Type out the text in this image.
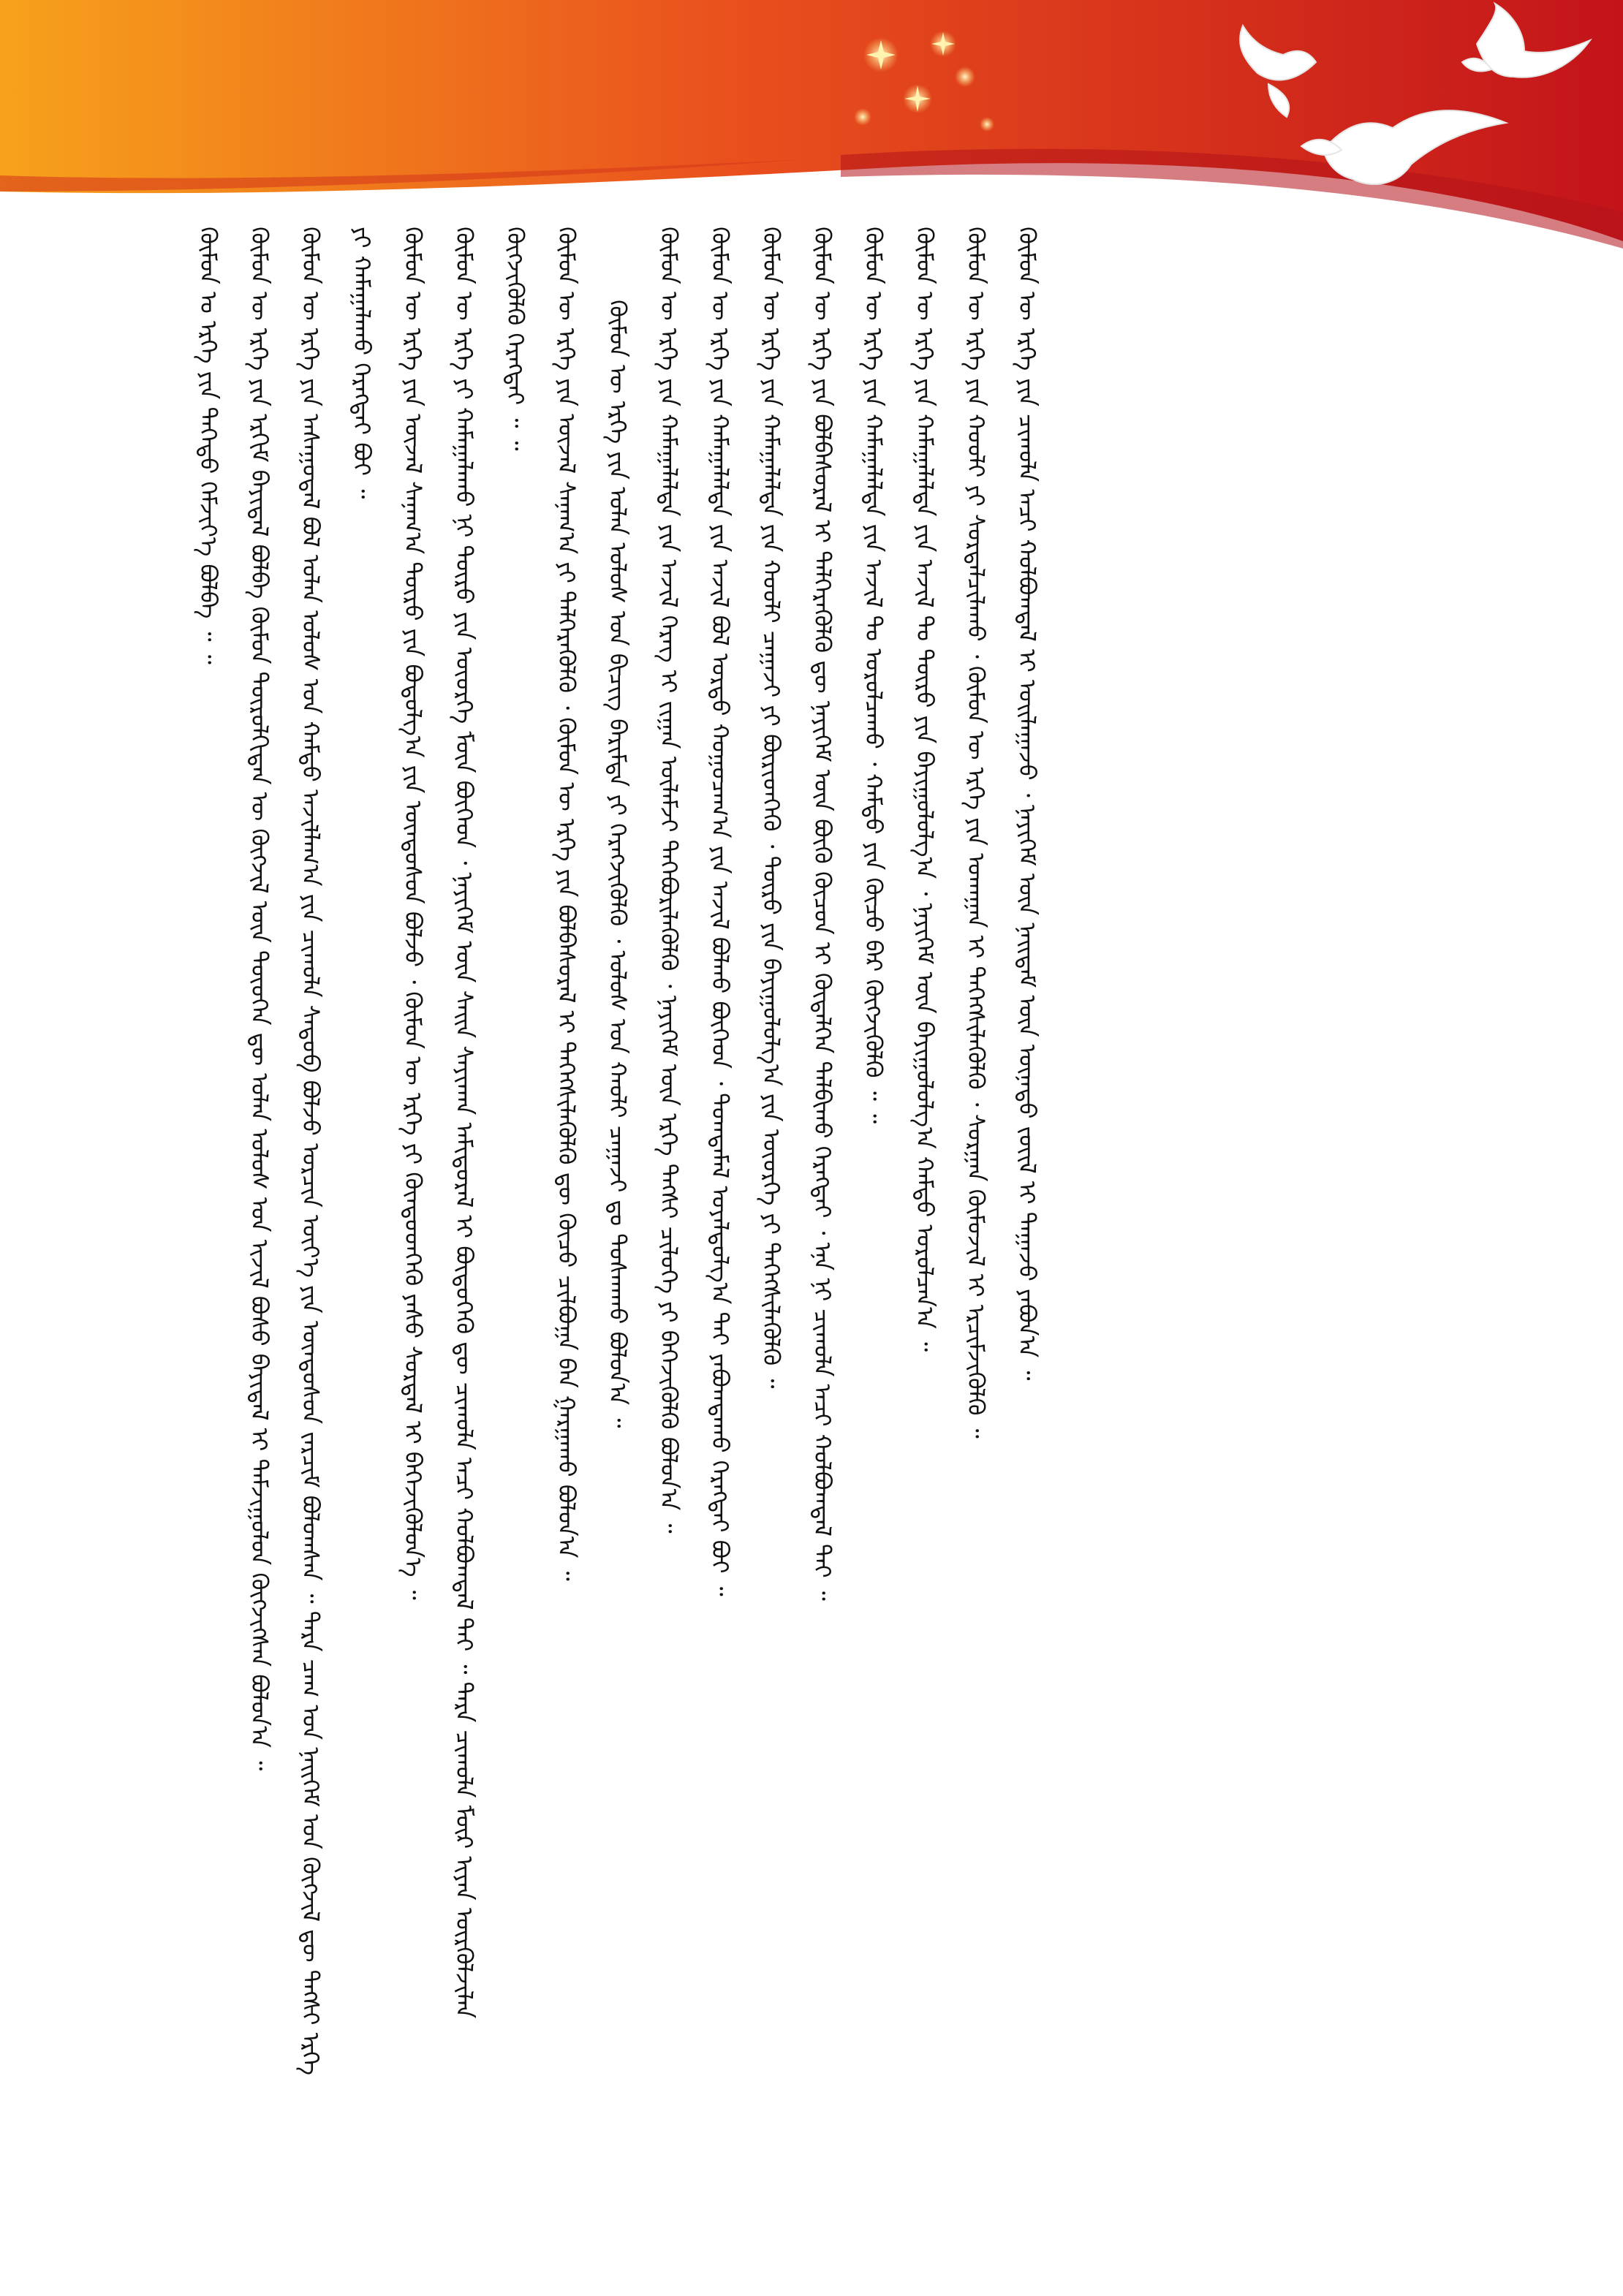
ᠬᠦᠮᠦᠨ ᠤ ᠡᠷᠬᠡ ᠶᠢᠨ ᠳᠡᠭᠡᠳᠦ ᠬᠡᠮᠵᠢᠶ᠎ᠡ ᠪᠣᠯᠪᠠ ᠃ ᠃	ᠬᠦᠮᠦᠨ ᠦ ᠡᠷᠬᠡ ᠶᠢᠨ ᠡᠷᠬᠢᠮ ᠪᠠᠶᠢᠳᠠᠯ ᠪᠣᠯᠪᠠ ᠬᠦᠮᠦᠨ ᠲᠦᠷᠦᠯᠬᠢᠲᠡᠨ ᠦ ᠬᠥᠭᠵᠢᠯ ᠦᠨ ᠲᠦᠦᠬᠡᠨ ᠳᠦ ᠣᠯᠠᠨ ᠤᠯᠤᠰ ᠤᠨ ᠢᠵᠢᠯ ᠪᠤᠰᠤ ᠪᠠᠶᠢᠳᠠᠯ ᠢ ᠳᠠᠮᠵᠢᠭᠤᠯᠤᠨ ᠬᠥᠭᠵᠢᠭᠰᠡᠨ ᠪᠣᠯᠤᠨ᠎ᠠ ᠃	ᠬᠦᠮᠦᠨ ᠦ ᠡᠷᠬᠡ ᠶᠢᠨ ᠠᠰᠠᠭᠤᠳᠠᠯ ᠪᠣᠯ ᠣᠯᠠᠨ ᠤᠯᠤᠰ ᠤᠨ ᠬᠠᠮᠲᠤ ᠠᠵᠢᠯᠯᠠᠭ᠎ᠠ ᠶᠢᠨ ᠴᠢᠬᠤᠯᠠ ᠰᠡᠳᠦᠪ ᠪᠣᠯᠵᠤ ᠣᠷᠴᠢᠨ ᠦᠶ᠎ᠡ ᠶᠢᠨ ᠦᠨᠳᠦᠰᠦᠨ ᠵᠠᠷᠴᠢᠮ ᠪᠣᠯᠤᠭᠰᠠᠨ ᠃ ᠲᠡᠷᠡ ᠴᠠᠭ ᠤᠨ ᠨᠡᠢᠭᠡᠮ ᠤᠨ ᠬᠥᠭᠵᠢᠯ ᠳᠦ ᠲᠡᠭᠰᠢ ᠡᠷᠬᠡ ᠶᠢ ᠬᠠᠮᠠᠭᠠᠯᠠᠬᠤ ᠬᠡᠷᠡᠭᠲᠡᠢ ᠪᠤᠢ ᠃	ᠬᠦᠮᠦᠨ ᠦ ᠡᠷᠬᠡ ᠶᠢᠨ ᠦᠵᠡᠯ ᠰᠠᠨᠠᠭ᠎ᠠ ᠲᠦᠷᠦ ᠶᠢᠨ ᠪᠣᠳᠤᠯᠭ᠎ᠠ ᠶᠢᠨ ᠦᠨᠳᠦᠰᠦᠨ ᠪᠣᠯᠵᠤ ᠂ ᠬᠦᠮᠦᠨ ᠦ ᠡᠷᠬᠡ ᠶᠢ ᠬᠦᠨᠳᠦᠳᠬᠡᠬᠦ ᠶᠠᠰᠤ ᠰᠤᠷᠳᠠᠯ ᠢ ᠪᠡᠬᠡᠵᠢᠭᠦᠯᠦᠨ᠎ᠡ ᠃	ᠬᠦᠮᠦᠨ ᠦ ᠡᠷᠬᠡ ᠶᠢ ᠬᠠᠮᠠᠭᠠᠯᠠᠬᠤ ᠨᠢ ᠲᠥᠷᠦ ᠶᠢᠨ ᠦᠦᠷᠭᠡ ᠮᠥᠨ ᠪᠥᠭᠡᠳ ᠂ ᠨᠡᠶᠢᠭᠡᠮ ᠦᠨ ᠰᠠᠢᠨ ᠰᠠᠶᠢᠬᠠᠨ ᠠᠮᠢᠳᠤᠷᠠᠯ ᠢ ᠪᠦᠲᠦᠭᠡᠬᠦ ᠳᠦ ᠴᠢᠬᠤᠯᠠ ᠠᠴᠢ ᠬᠣᠯᠪᠣᠭᠳᠠᠯ ᠲᠠᠢ ᠃ ᠲᠡᠷᠡ ᠴᠢᠬᠤᠯᠠ ᠮᠥᠷ ᠢᠶᠡᠨ ᠦᠷᠭᠦᠯᠵᠢᠯᠡᠨ ᠬᠥᠭᠵᠢᠭᠦᠯᠬᠦ ᠬᠡᠷᠡᠭᠲᠡᠢ ᠃ ᠃	ᠬᠦᠮᠦᠨ ᠦ ᠡᠷᠬᠡ ᠶᠢᠨ ᠦᠵᠡᠯ ᠰᠠᠨᠠᠭ᠎ᠠ ᠶᠢ ᠳᠡᠯᠬᠡᠷᠡᠭᠦᠯᠬᠦ ᠂ ᠬᠦᠮᠦᠨ ᠦ ᠡᠷᠬᠡ ᠶᠢᠨ ᠪᠣᠯᠪᠠᠰᠤᠷᠠᠯ ᠢ ᠳᠡᠭᠡᠭᠰᠢᠯᠡᠭᠦᠯᠬᠦ ᠳᠦ ᠬᠦᠴᠦ ᠴᠢᠯᠪᠤᠭᠠ ᠪᠡᠨ ᠭᠠᠷᠭᠠᠬᠤ ᠪᠣᠯᠤᠨ᠎ᠠ ᠃	ᠬᠦᠮᠦᠨ ᠦ ᠡᠷᠬᠡ ᠶᠢᠨ ᠣᠯᠠᠨ ᠤᠯᠤᠰ ᠤᠨ ᠪᠢᠴᠢᠭ ᠪᠠᠷᠢᠮᠲᠠ ᠶᠢ ᠬᠡᠷᠡᠭᠵᠢᠭᠦᠯᠬᠦ ᠂ ᠤᠯᠤᠰ ᠤᠨ ᠬᠠᠤᠯᠢ ᠴᠠᠭᠠᠵᠢ ᠳᠤ ᠲᠤᠰᠬᠠᠬᠤ ᠪᠣᠯᠤᠨ᠎ᠠ ᠃	ᠬᠦᠮᠦᠨ ᠦ ᠡᠷᠬᠡ ᠶᠢᠨ ᠬᠠᠮᠠᠭᠠᠯᠠᠯᠲᠠ ᠶᠢᠨ ᠠᠵᠢᠯ ᠬᠡᠷᠡᠭ ᠢ ᠵᠢᠭᠠᠨ ᠦᠯᠡᠮᠵᠢ ᠳᠡᠭᠡᠪᠦᠷᠢᠯᠡᠭᠦᠯᠬᠦ ᠂ ᠨᠡᠶᠢᠭᠡᠮ ᠦᠨ ᠡᠷᠬᠡ ᠲᠡᠭᠰᠢ ᠴᠢᠯᠦᠭᠡ ᠶᠢ ᠪᠡᠬᠡᠵᠢᠭᠦᠯᠬᠦ ᠪᠣᠯᠤᠨ᠎ᠠ ᠃	ᠬᠦᠮᠦᠨ ᠦ ᠡᠷᠬᠡ ᠶᠢᠨ ᠬᠠᠮᠠᠭᠠᠯᠠᠯᠲᠠ ᠶᠢᠨ ᠠᠵᠢᠯ ᠪᠣᠯ ᠤᠷᠲᠤ ᠬᠤᠭᠤᠴᠠᠭ᠎ᠠ ᠶᠢᠨ ᠠᠵᠢᠯ ᠪᠣᠯᠬᠤ ᠪᠥᠭᠡᠳ ᠂ ᠲᠣᠭᠲᠠᠮᠠᠯ ᠤᠶᠠᠯᠳᠤᠯᠭ᠎ᠠ ᠲᠠᠢ ᠶᠠᠪᠤᠭᠳᠠᠬᠤ ᠬᠡᠷᠡᠭᠲᠡᠢ ᠪᠤᠢ ᠃	ᠬᠦᠮᠦᠨ ᠦ ᠡᠷᠬᠡ ᠶᠢᠨ ᠬᠠᠮᠠᠭᠠᠯᠠᠯᠲᠠ ᠶᠢᠨ ᠬᠤᠤᠯᠢ ᠴᠠᠭᠠᠵᠢ ᠶᠢ ᠪᠦᠷᠢᠳᠬᠡᠬᠦ ᠂ ᠲᠥᠷᠦ ᠶᠢᠨ ᠪᠠᠶᠢᠭᠤᠯᠤᠯᠭ᠎ᠠ ᠶᠢᠨ ᠦᠦᠷᠭᠡ ᠶᠢ ᠳᠡᠭᠡᠭᠰᠢᠯᠡᠭᠦᠯᠬᠦ ᠃	ᠬᠦᠮᠦᠨ ᠦ ᠡᠷᠬᠡ ᠶᠢᠨ ᠪᠣᠯᠪᠠᠰᠤᠷᠠᠯ ᠢ ᠳᠡᠯᠬᠡᠷᠡᠭᠦᠯᠬᠦ ᠳᠦ ᠨᠡᠶᠢᠭᠡᠮ ᠦᠨ ᠪᠦᠬᠦ ᠬᠦᠴᠦᠨ ᠢ ᠬᠥᠳᠡᠯᠭᠡᠨ ᠲᠠᠯᠪᠢᠬᠤ ᠬᠡᠷᠡᠭᠲᠡᠢ ᠂ ᠡᠨᠡ ᠨᠢ ᠴᠢᠬᠤᠯᠠ ᠠᠴᠢ ᠬᠣᠯᠪᠣᠭᠳᠠᠯ ᠲᠠᠢ ᠃	ᠬᠦᠮᠦᠨ ᠦ ᠡᠷᠬᠡ ᠶᠢᠨ ᠬᠠᠮᠠᠭᠠᠯᠠᠯᠲᠠ ᠶᠢᠨ ᠠᠵᠢᠯ ᠲᠤ ᠣᠷᠤᠯᠴᠠᠬᠤ ᠂ ᠬᠠᠮᠲᠤ ᠶᠢᠨ ᠬᠦᠴᠦ ᠪᠡᠷ ᠬᠥᠭᠵᠢᠭᠦᠯᠬᠦ ᠃ ᠃	ᠬᠦᠮᠦᠨ ᠦ ᠡᠷᠬᠡ ᠶᠢᠨ ᠬᠠᠮᠠᠭᠠᠯᠠᠯᠲᠠ ᠶᠢᠨ ᠠᠵᠢᠯ ᠲᠤ ᠲᠥᠷᠦ ᠶᠢᠨ ᠪᠠᠶᠢᠭᠤᠯᠤᠯᠭ᠎ᠠ ᠂ ᠨᠡᠶᠢᠭᠡᠮ ᠦᠨ ᠪᠠᠶᠢᠭᠤᠯᠤᠯᠭ᠎ᠠ ᠬᠠᠮᠲᠤ ᠣᠷᠤᠯᠴᠠᠨ᠎ᠠ ᠃	ᠬᠦᠮᠦᠨ ᠦ ᠡᠷᠬᠡ ᠶᠢᠨ ᠬᠤᠤᠯᠢ ᠶᠢ ᠰᠤᠷᠲᠠᠯᠴᠢᠯᠠᠬᠤ ᠂ ᠬᠦᠮᠦᠨ ᠦ ᠡᠷᠬᠡ ᠶᠢᠨ ᠤᠬᠠᠭᠠᠨ ᠢ ᠳᠡᠭᠡᠭᠰᠢᠯᠡᠭᠦᠯᠬᠦ ᠂ ᠰᠤᠷᠭᠠᠨ ᠬᠦᠮᠦᠵᠢᠯ ᠢ ᠡᠷᠴᠢᠮᠵᠢᠭᠦᠯᠬᠦ ᠃	ᠬᠦᠮᠦᠨ ᠦ ᠡᠷᠬᠡ ᠶᠢᠨ ᠴᠢᠬᠤᠯᠠ ᠠᠴᠢ ᠬᠣᠯᠪᠣᠭᠳᠠᠯ ᠢ ᠣᠢᠯᠠᠭᠠᠵᠤ ᠂ ᠨᠡᠶᠢᠭᠡᠮ ᠦᠨ ᠨᠡᠢᠳᠡᠮ ᠦᠨ ᠦᠨᠡᠲᠦ ᠵᠦᠢᠯ ᠢ ᠳᠠᠭᠠᠵᠤ ᠶᠠᠪᠤᠨ᠎ᠠ ᠃
